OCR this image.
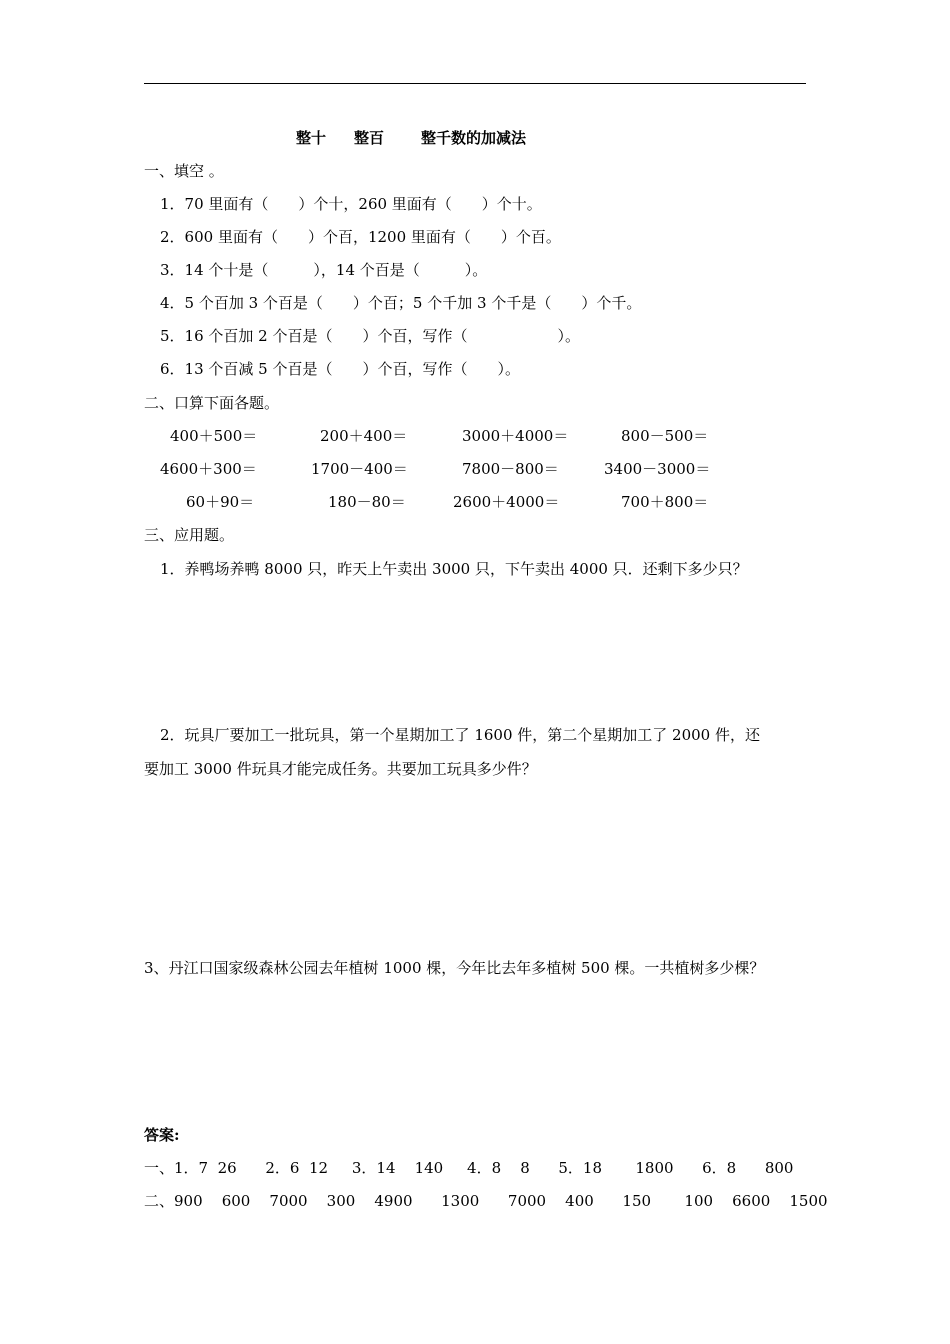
整十 整百 整千数的加减法
一、填空 。
1．70 里面有（　　）个十，260 里面有（　　）个十。
2．600 里面有（　　）个百，1200 里面有（　　）个百。
3．14 个十是（　　　），14 个百是（　　　）。
4．5 个百加 3 个百是（　　）个百；5 个千加 3 个千是（　　）个千。
5．16 个百加 2 个百是（　　）个百，写作（　　　　　　）。
6．13 个百减 5 个百是（　　）个百，写作（　　）。
二、口算下面各题。
400＋500＝	200＋400＝	3000＋4000＝	800－500＝
4600＋300＝	1700－400＝	7800－800＝	3400－3000＝
60＋90＝	180－80＝	2600＋4000＝	700＋800＝
三、应用题。
1．养鸭场养鸭 8000 只，昨天上午卖出 3000 只，下午卖出 4000 只．还剩下多少只？
2．玩具厂要加工一批玩具，第一个星期加工了 1600 件，第二个星期加工了 2000 件，还
要加工 3000 件玩具才能完成任务。共要加工玩具多少件？
3、丹江口国家级森林公园去年植树 1000 棵，今年比去年多植树 500 棵。一共植树多少棵？
答案:
一、1．7  26      2．6  12     3．14    140     4．8    8      5．18       1800      6．8      800
二、900    600    7000    300    4900      1300      7000    400      150       100    6600    1500
